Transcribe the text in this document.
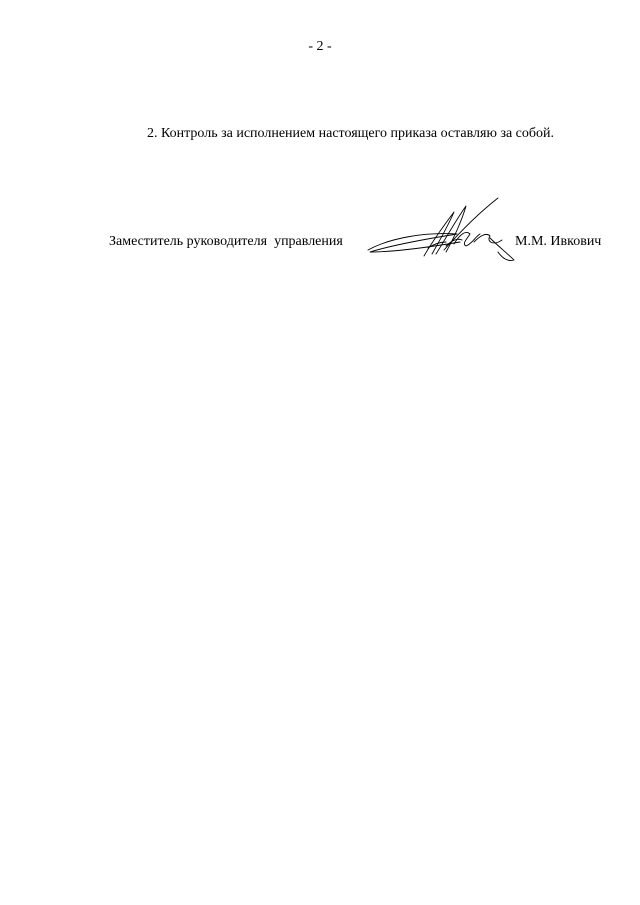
- 2 -
2. Контроль за исполнением настоящего приказа оставляю за собой.
Заместитель руководителя  управления	М.М. Ивкович
